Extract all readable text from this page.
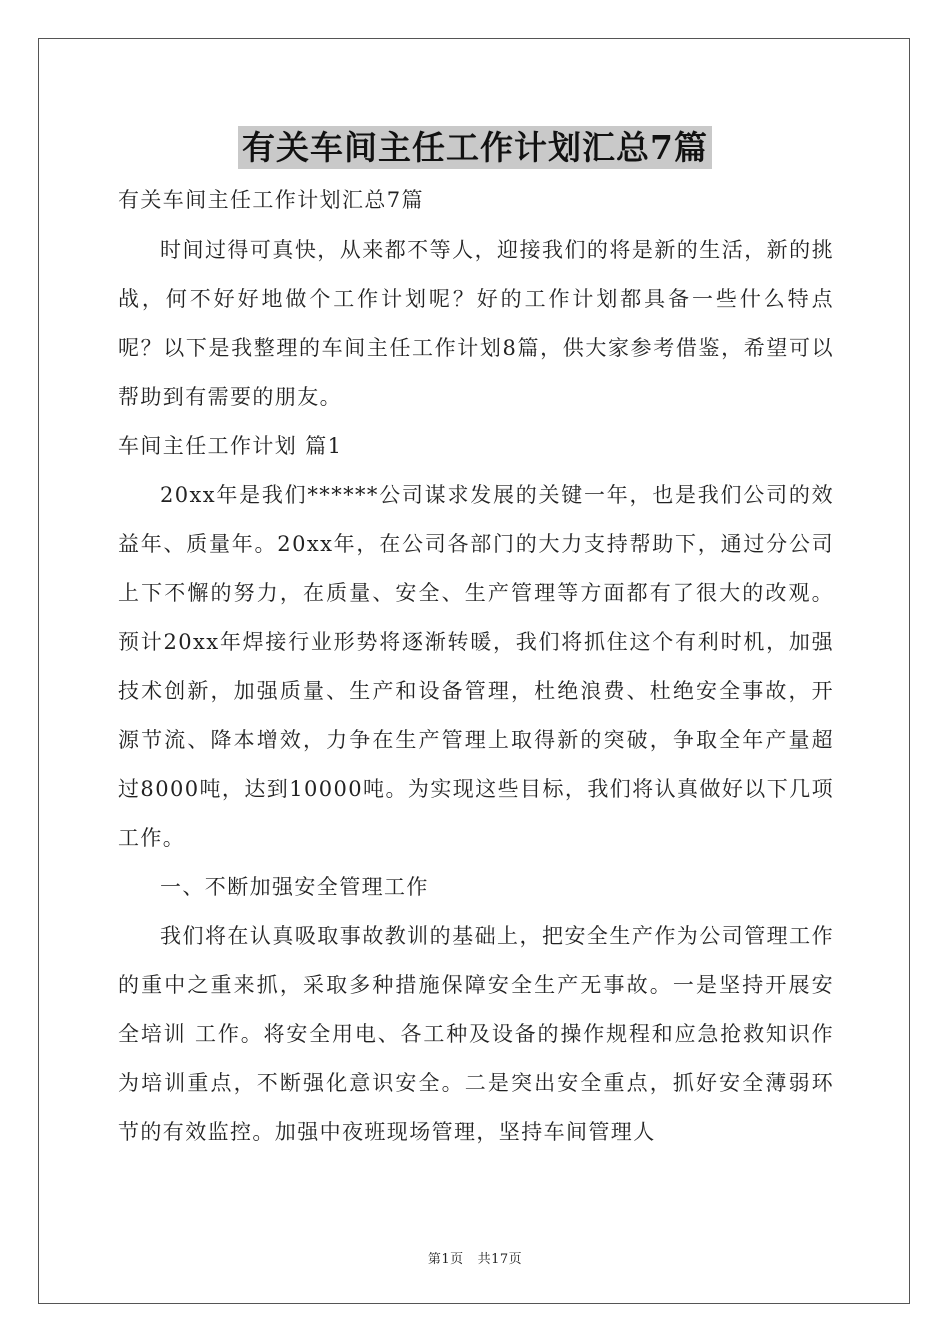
有关车间主任工作计划汇总7篇

有关车间主任工作计划汇总7篇

时间过得可真快，从来都不等人，迎接我们的将是新的生活，新的挑战，何不好好地做个工作计划呢？好的工作计划都具备一些什么特点呢？以下是我整理的车间主任工作计划8篇，供大家参考借鉴，希望可以帮助到有需要的朋友。

车间主任工作计划 篇1

20xx年是我们******公司谋求发展的关键一年，也是我们公司的效益年、质量年。20xx年，在公司各部门的大力支持帮助下，通过分公司上下不懈的努力，在质量、安全、生产管理等方面都有了很大的改观。预计20xx年焊接行业形势将逐渐转暖，我们将抓住这个有利时机，加强技术创新，加强质量、生产和设备管理，杜绝浪费、杜绝安全事故，开源节流、降本增效，力争在生产管理上取得新的突破，争取全年产量超过8000吨，达到10000吨。为实现这些目标，我们将认真做好以下几项工作。

一、不断加强安全管理工作

我们将在认真吸取事故教训的基础上，把安全生产作为公司管理工作的重中之重来抓，采取多种措施保障安全生产无事故。一是坚持开展安全培训 工作。将安全用电、各工种及设备的操作规程和应急抢救知识作为培训重点，不断强化意识安全。二是突出安全重点，抓好安全薄弱环节的有效监控。加强中夜班现场管理，坚持车间管理人

第1页 共17页
